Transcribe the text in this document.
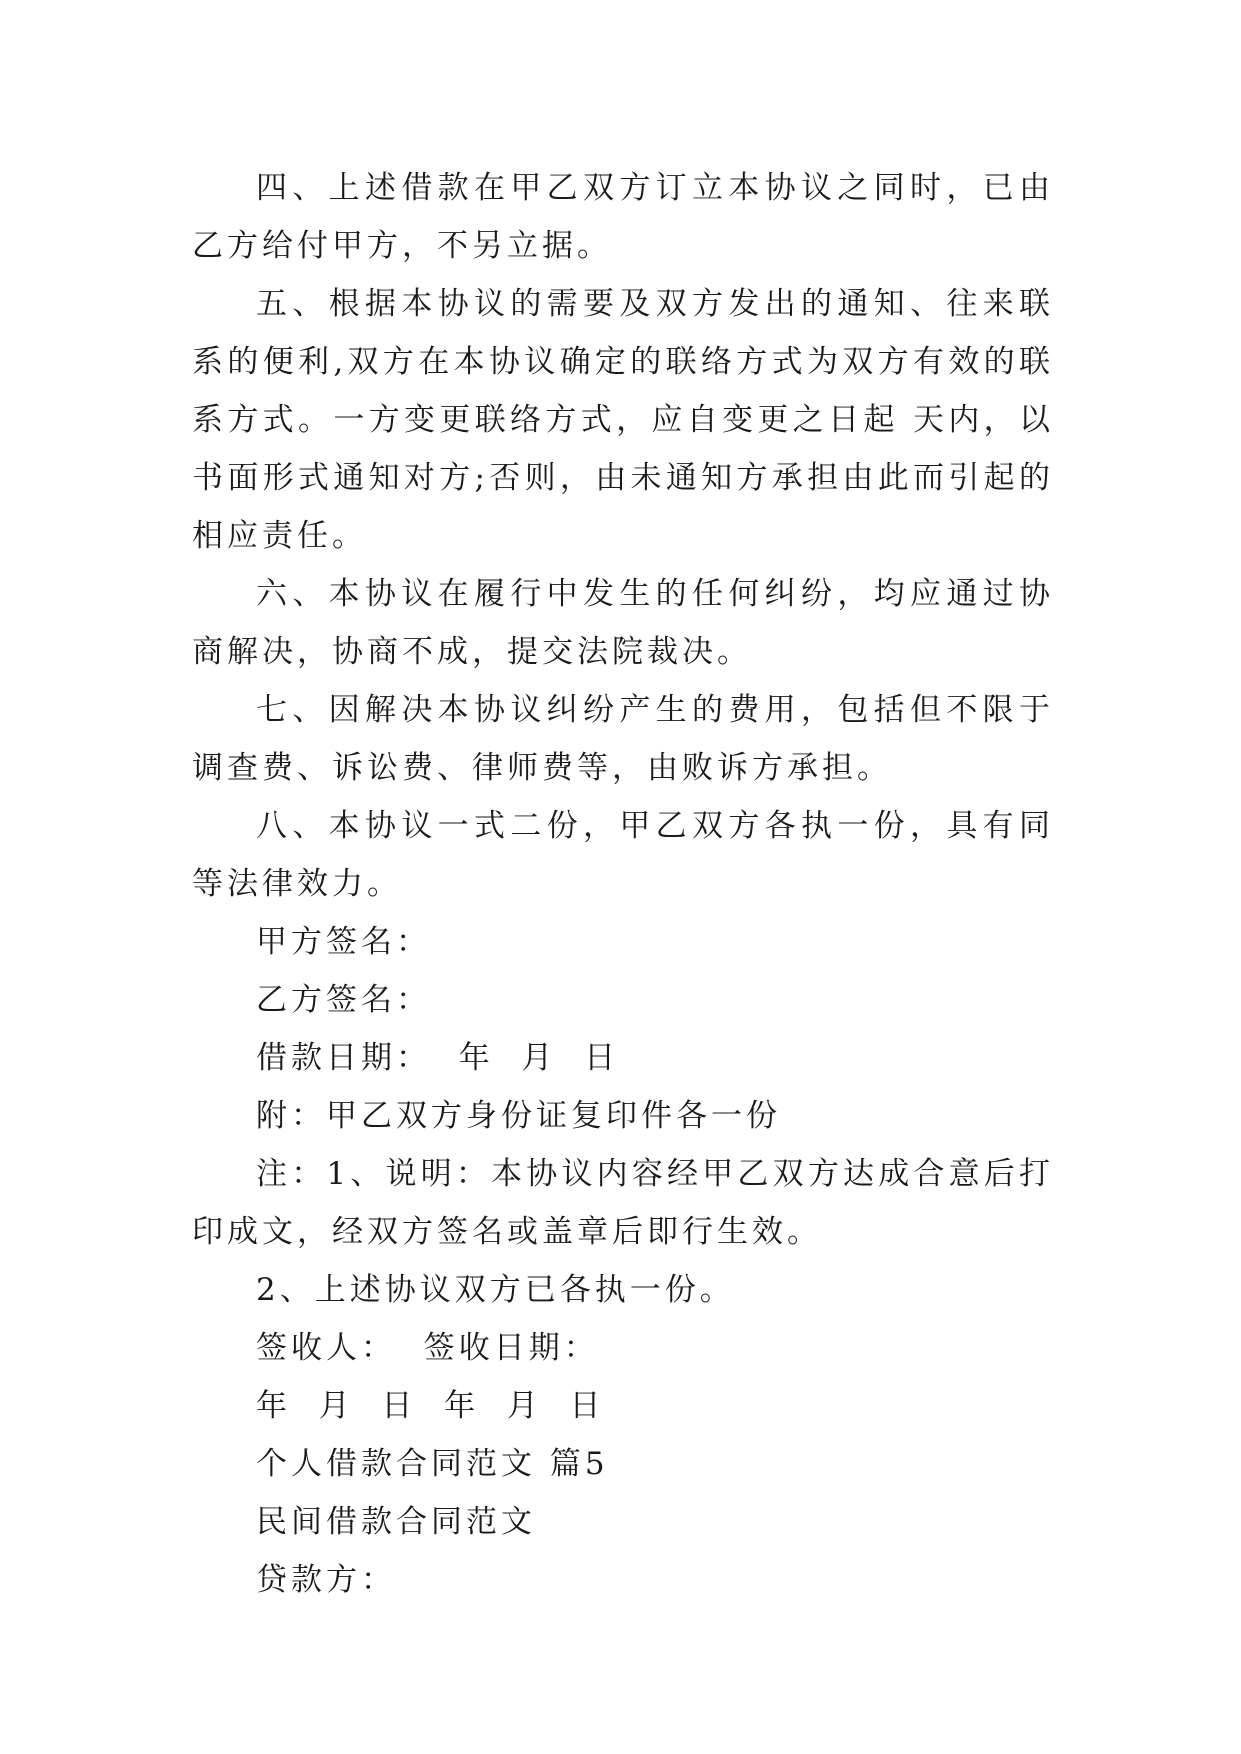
四、上述借款在甲乙双方订立本协议之同时，已由乙方给付甲方，不另立据。

五、根据本协议的需要及双方发出的通知、往来联系的便利,双方在本协议确定的联络方式为双方有效的联系方式。一方变更联络方式，应自变更之日起 天内，以书面形式通知对方;否则，由未通知方承担由此而引起的相应责任。

六、本协议在履行中发生的任何纠纷，均应通过协商解决，协商不成，提交法院裁决。

七、因解决本协议纠纷产生的费用，包括但不限于调查费、诉讼费、律师费等，由败诉方承担。

八、本协议一式二份，甲乙双方各执一份，具有同等法律效力。

甲方签名：

乙方签名：

借款日期：  年  月  日

附：甲乙双方身份证复印件各一份

注：1、说明：本协议内容经甲乙双方达成合意后打印成文，经双方签名或盖章后即行生效。

2、上述协议双方已各执一份。

签收人：  签收日期：

年  月  日  年  月  日

个人借款合同范文 篇5

民间借款合同范文

贷款方：
